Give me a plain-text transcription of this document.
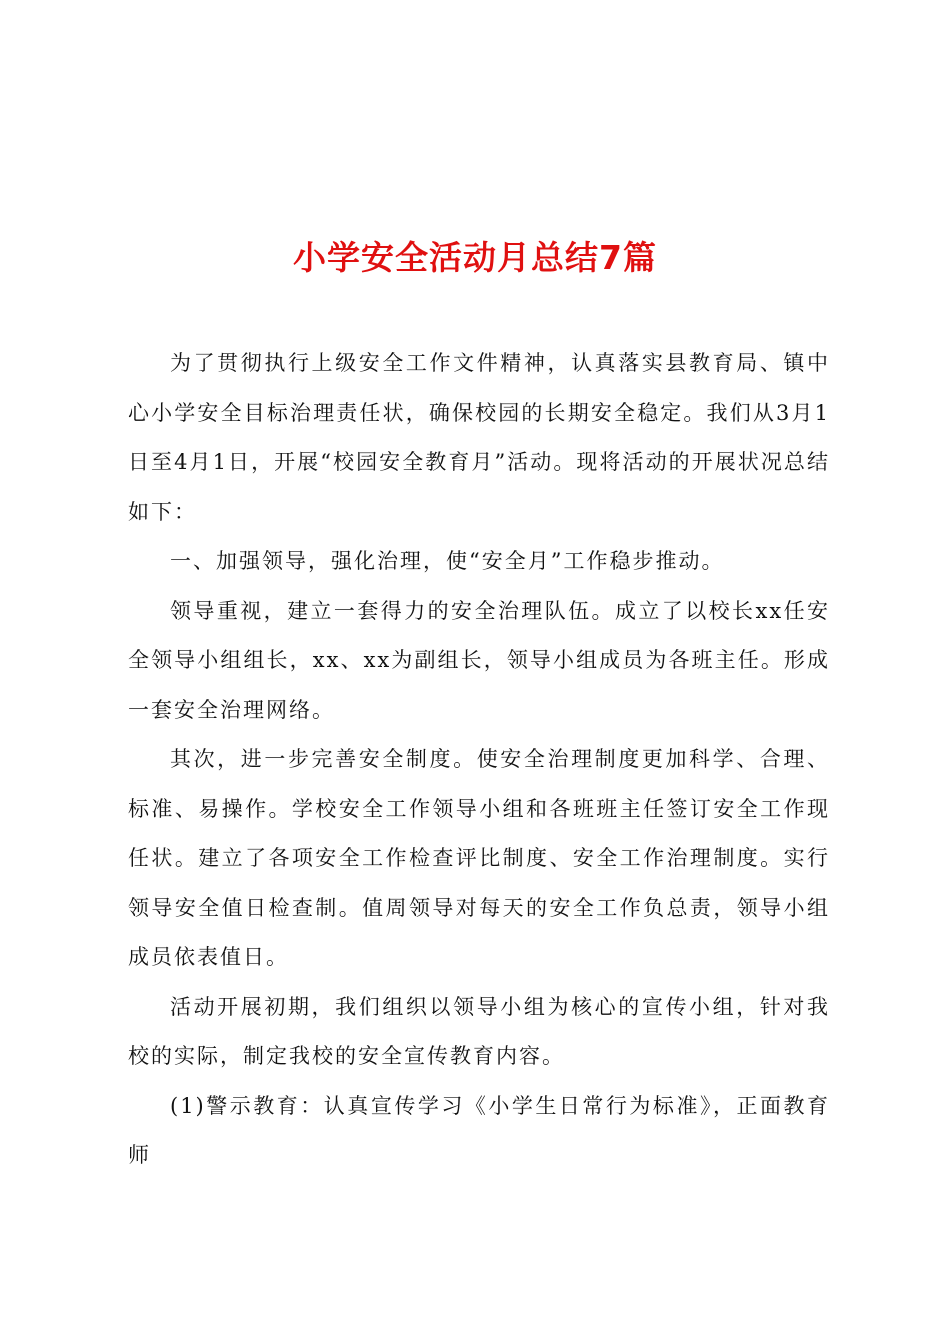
小学安全活动月总结7篇

为了贯彻执行上级安全工作文件精神，认真落实县教育局、镇中心小学安全目标治理责任状，确保校园的长期安全稳定。我们从3月1日至4月1日，开展“校园安全教育月”活动。现将活动的开展状况总结如下：

一、加强领导，强化治理，使“安全月”工作稳步推动。

领导重视，建立一套得力的安全治理队伍。成立了以校长xx任安全领导小组组长，xx、xx为副组长，领导小组成员为各班主任。形成一套安全治理网络。

其次，进一步完善安全制度。使安全治理制度更加科学、合理、标准、易操作。学校安全工作领导小组和各班班主任签订安全工作现任状。建立了各项安全工作检查评比制度、安全工作治理制度。实行领导安全值日检查制。值周领导对每天的安全工作负总责，领导小组成员依表值日。

活动开展初期，我们组织以领导小组为核心的宣传小组，针对我校的实际，制定我校的安全宣传教育内容。

(1)警示教育：认真宣传学习《小学生日常行为标准》，正面教育师
